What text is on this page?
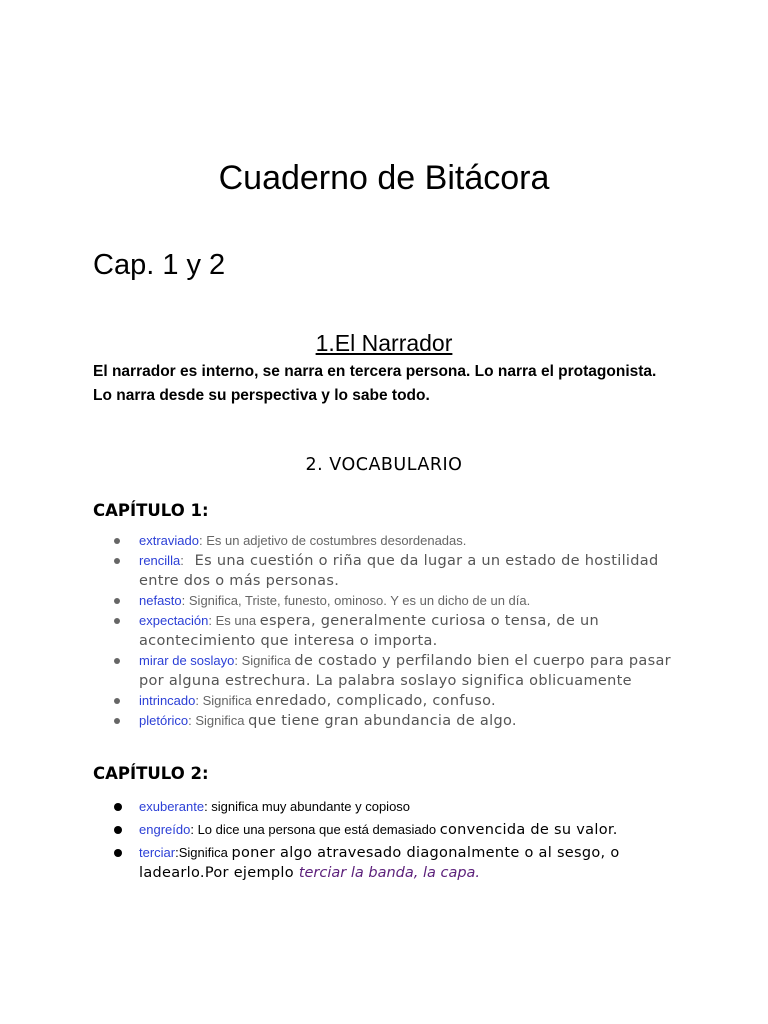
Cuaderno de Bitácora
Cap. 1 y 2
1.El Narrador
El narrador es interno, se narra en tercera persona. Lo narra el protagonista. Lo narra desde su perspectiva y lo sabe todo.
2. VOCABULARIO
CAPÍTULO 1:
extraviado: Es un adjetivo de costumbres desordenadas.
rencilla:   Es una cuestión o riña que da lugar a un estado de hostilidad entre dos o más personas.
nefasto: Significa, Triste, funesto, ominoso. Y es un dicho de un día.
expectación: Es una espera, generalmente curiosa o tensa, de un acontecimiento que interesa o importa.
mirar de soslayo: Significa de costado y perfilando bien el cuerpo para pasar por alguna estrechura. La palabra soslayo significa oblicuamente
intrincado: Significa enredado, complicado, confuso.
pletórico: Significa que tiene gran abundancia de algo.
CAPÍTULO 2:
exuberante: significa muy abundante y copioso
engreído: Lo dice una persona que está demasiado convencida de su valor.
terciar:Significa poner algo atravesado diagonalmente o al sesgo, o ladearlo.Por ejemplo terciar la banda, la capa.
